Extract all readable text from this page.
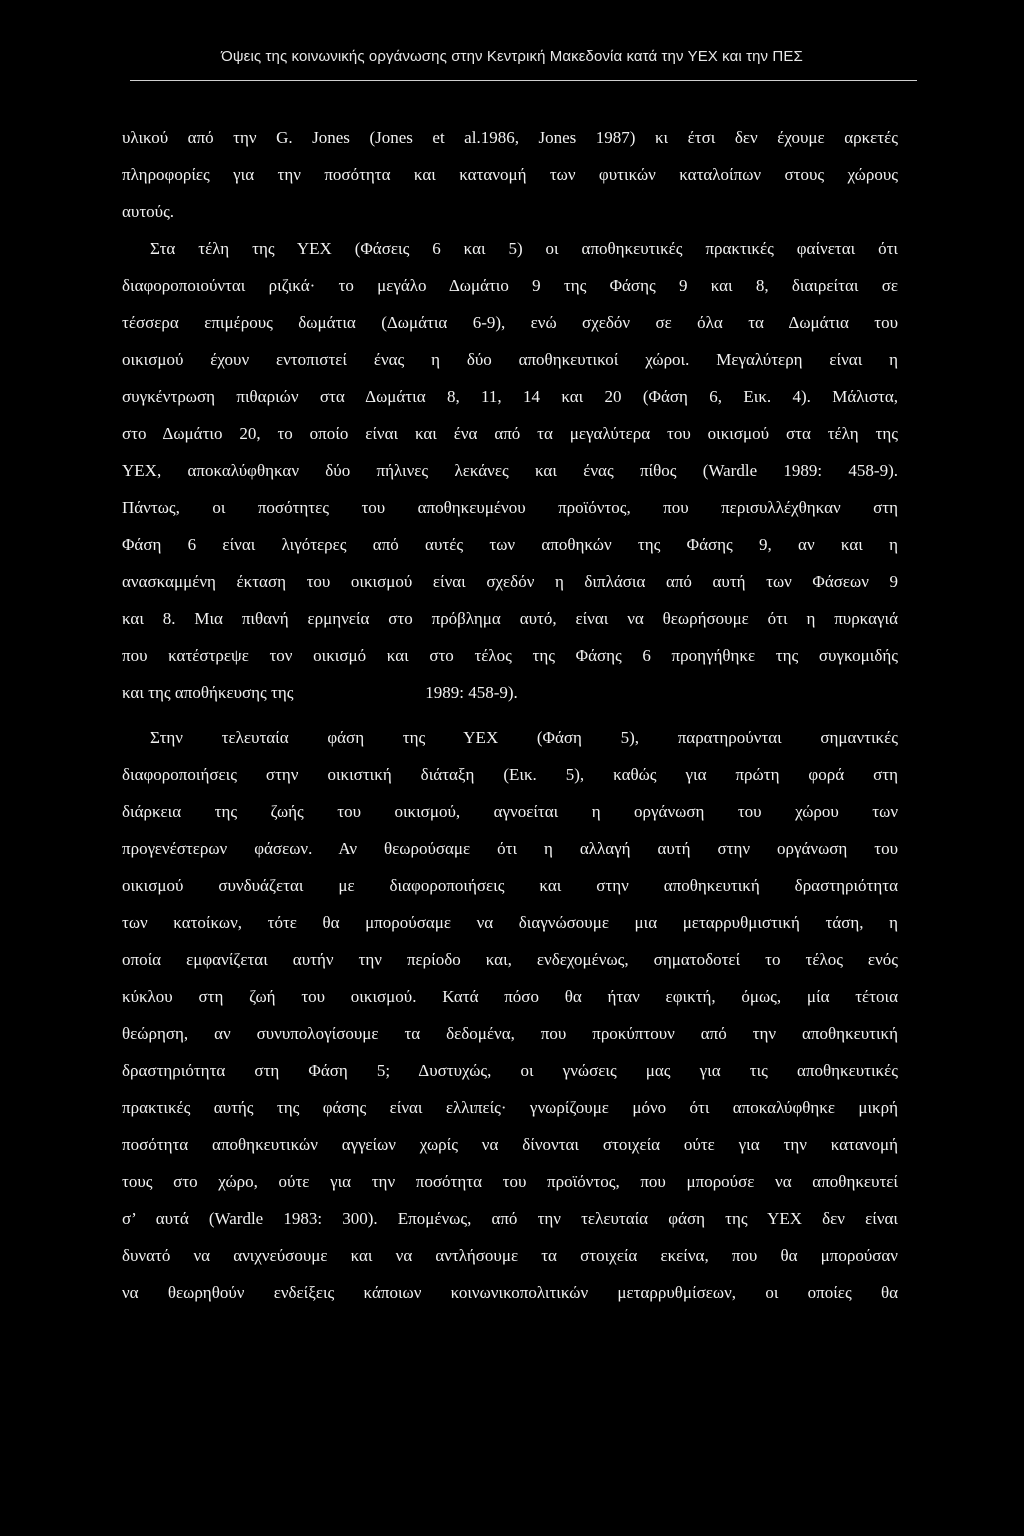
Όψεις της κοινωνικής οργάνωσης στην Κεντρική Μακεδονία κατά την ΥΕΧ και την ΠΕΣ
υλικού από την G. Jones (Jones et al.1986, Jones 1987) κι έτσι δεν έχουμε αρκετές
πληροφορίες για την ποσότητα και κατανομή των φυτικών καταλοίπων στους χώρους
αυτούς.
Στα τέλη της ΥΕΧ (Φάσεις 6 και 5) οι αποθηκευτικές πρακτικές φαίνεται ότι
διαφοροποιούνται ριζικά· το μεγάλο Δωμάτιο 9 της Φάσης 9 και 8, διαιρείται σε
τέσσερα επιμέρους δωμάτια (Δωμάτια 6-9), ενώ σχεδόν σε όλα τα Δωμάτια του
οικισμού έχουν εντοπιστεί ένας η δύο αποθηκευτικοί χώροι. Μεγαλύτερη είναι η
συγκέντρωση πιθαριών στα Δωμάτια 8, 11, 14 και 20 (Φάση 6, Εικ. 4). Μάλιστα,
στο Δωμάτιο 20, το οποίο είναι και ένα από τα μεγαλύτερα του οικισμού στα τέλη της
ΥΕΧ, αποκαλύφθηκαν δύο πήλινες λεκάνες και ένας πίθος (Wardle 1989: 458-9).
Πάντως, οι ποσότητες του αποθηκευμένου προϊόντος, που περισυλλέχθηκαν στη
Φάση 6 είναι λιγότερες από αυτές των αποθηκών της Φάσης 9, αν και η
ανασκαμμένη έκταση του οικισμού είναι σχεδόν η διπλάσια από αυτή των Φάσεων 9
και 8. Μια πιθανή ερμηνεία στο πρόβλημα αυτό, είναι να θεωρήσουμε ότι η πυρκαγιά
που κατέστρεψε τον οικισμό και στο τέλος της Φάσης 6 προηγήθηκε της συγκομιδής
και της αποθήκευσης της                               1989: 458-9).
Στην τελευταία φάση της ΥΕΧ (Φάση 5), παρατηρούνται σημαντικές
διαφοροποιήσεις στην οικιστική διάταξη (Εικ. 5), καθώς για πρώτη φορά στη
διάρκεια της ζωής του οικισμού, αγνοείται η οργάνωση του χώρου των
προγενέστερων φάσεων. Αν θεωρούσαμε ότι η αλλαγή αυτή στην οργάνωση του
οικισμού συνδυάζεται με διαφοροποιήσεις και στην αποθηκευτική δραστηριότητα
των κατοίκων, τότε θα μπορούσαμε να διαγνώσουμε μια μεταρρυθμιστική τάση, η
οποία εμφανίζεται αυτήν την περίοδο και, ενδεχομένως, σηματοδοτεί το τέλος ενός
κύκλου στη ζωή του οικισμού. Κατά πόσο θα ήταν εφικτή, όμως, μία τέτοια
θεώρηση, αν συνυπολογίσουμε τα δεδομένα, που προκύπτουν από την αποθηκευτική
δραστηριότητα στη Φάση 5; Δυστυχώς, οι γνώσεις μας για τις αποθηκευτικές
πρακτικές αυτής της φάσης είναι ελλιπείς· γνωρίζουμε μόνο ότι αποκαλύφθηκε μικρή
ποσότητα αποθηκευτικών αγγείων χωρίς να δίνονται στοιχεία ούτε για την κατανομή
τους στο χώρο, ούτε για την ποσότητα του προϊόντος, που μπορούσε να αποθηκευτεί
σ’ αυτά (Wardle 1983: 300). Επομένως, από την τελευταία φάση της ΥΕΧ δεν είναι
δυνατό να ανιχνεύσουμε και να αντλήσουμε τα στοιχεία εκείνα, που θα μπορούσαν
να θεωρηθούν ενδείξεις κάποιων κοινωνικοπολιτικών μεταρρυθμίσεων, οι οποίες θα
